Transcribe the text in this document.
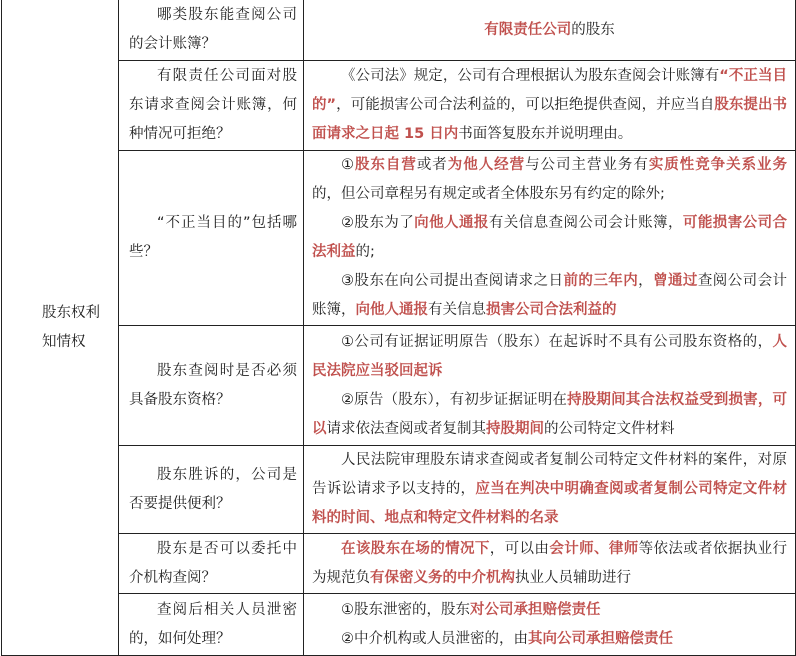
股东权利知情权	哪类股东能查阅公司的会计账簿？	有限责任公司的股东

	有限责任公司面对股东请求查阅会计账簿，何种情况可拒绝？	《公司法》规定，公司有合理根据认为股东查阅会计账簿有“不正当目的”，可能损害公司合法利益的，可以拒绝提供查阅，并应当自股东提出书面请求之日起 15 日内书面答复股东并说明理由。

	“不正当目的”包括哪些？	①股东自营或者为他人经营与公司主营业务有实质性竞争关系业务的，但公司章程另有规定或者全体股东另有约定的除外;

②股东为了向他人通报有关信息查阅公司会计账簿，可能损害公司合法利益的;

③股东在向公司提出查阅请求之日前的三年内，曾通过查阅公司会计账簿，向他人通报有关信息损害公司合法利益的

	股东查阅时是否必须具备股东资格？	①公司有证据证明原告（股东）在起诉时不具有公司股东资格的，人民法院应当驳回起诉

②原告（股东），有初步证据证明在持股期间其合法权益受到损害，可以请求依法查阅或者复制其持股期间的公司特定文件材料

	股东胜诉的，公司是否要提供便利？	人民法院审理股东请求查阅或者复制公司特定文件材料的案件，对原告诉讼请求予以支持的，应当在判决中明确查阅或者复制公司特定文件材料的时间、地点和特定文件材料的名录

	股东是否可以委托中介机构查阅？	在该股东在场的情况下，可以由会计师、律师等依法或者依据执业行为规范负有保密义务的中介机构执业人员辅助进行

	查阅后相关人员泄密的，如何处理？	①股东泄密的，股东对公司承担赔偿责任

②中介机构或人员泄密的，由其向公司承担赔偿责任
